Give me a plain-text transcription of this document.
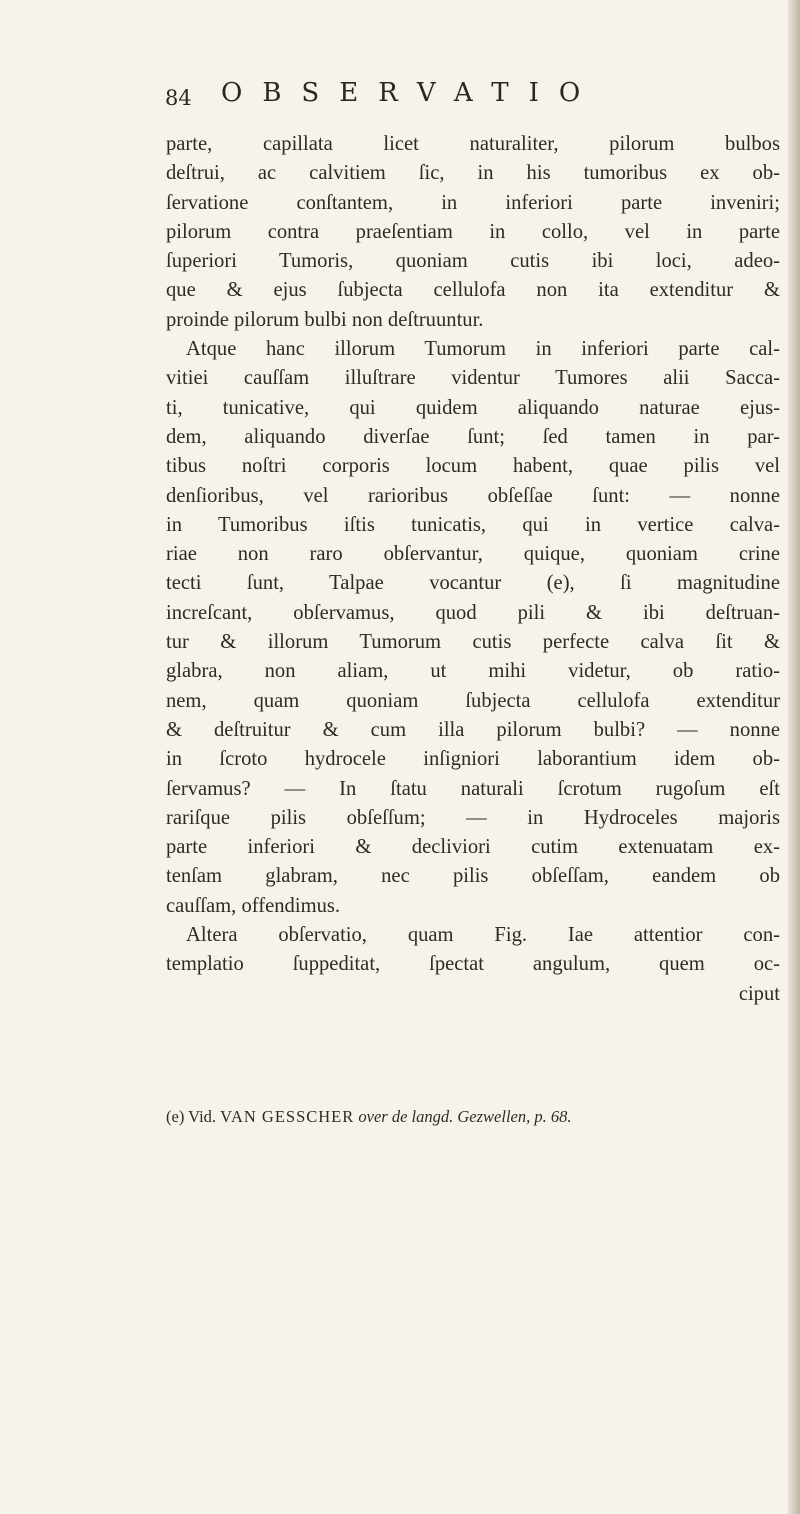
84 OBSERVATIO
parte, capillata licet naturaliter, pilorum bulbos
deſtrui, ac calvitiem ſic, in his tumoribus ex ob-
ſervatione conſtantem, in inferiori parte inveniri;
pilorum contra praeſentiam in collo, vel in parte
ſuperiori Tumoris, quoniam cutis ibi loci, adeo-
que & ejus ſubjecta cellulofa non ita extenditur &
proinde pilorum bulbi non deſtruuntur.
Atque hanc illorum Tumorum in inferiori parte cal-
vitiei cauſſam illuſtrare videntur Tumores alii Sacca-
ti, tunicative, qui quidem aliquando naturae ejus-
dem, aliquando diverſae ſunt; ſed tamen in par-
tibus noſtri corporis locum habent, quae pilis vel
denſioribus, vel rarioribus obſeſſae ſunt: — nonne
in Tumoribus iſtis tunicatis, qui in vertice calva-
riae non raro obſervantur, quique, quoniam crine
tecti ſunt, Talpae vocantur (e), ſi magnitudine
increſcant, obſervamus, quod pili & ibi deſtruan-
tur & illorum Tumorum cutis perfecte calva ſit &
glabra, non aliam, ut mihi videtur, ob ratio-
nem, quam quoniam ſubjecta cellulofa extenditur
& deſtruitur & cum illa pilorum bulbi? — nonne
in ſcroto hydrocele inſigniori laborantium idem ob-
ſervamus? — In ſtatu naturali ſcrotum rugoſum eſt
rariſque pilis obſeſſum; — in Hydroceles majoris
parte inferiori & decliviori cutim extenuatam ex-
tenſam glabram, nec pilis obſeſſam, eandem ob
cauſſam, offendimus.
Altera obſervatio, quam Fig. Iae attentior con-
templatio ſuppeditat, ſpectat angulum, quem oc-
ciput
(e) Vid. VAN GESSCHER over de langd. Gezwellen, p. 68.
